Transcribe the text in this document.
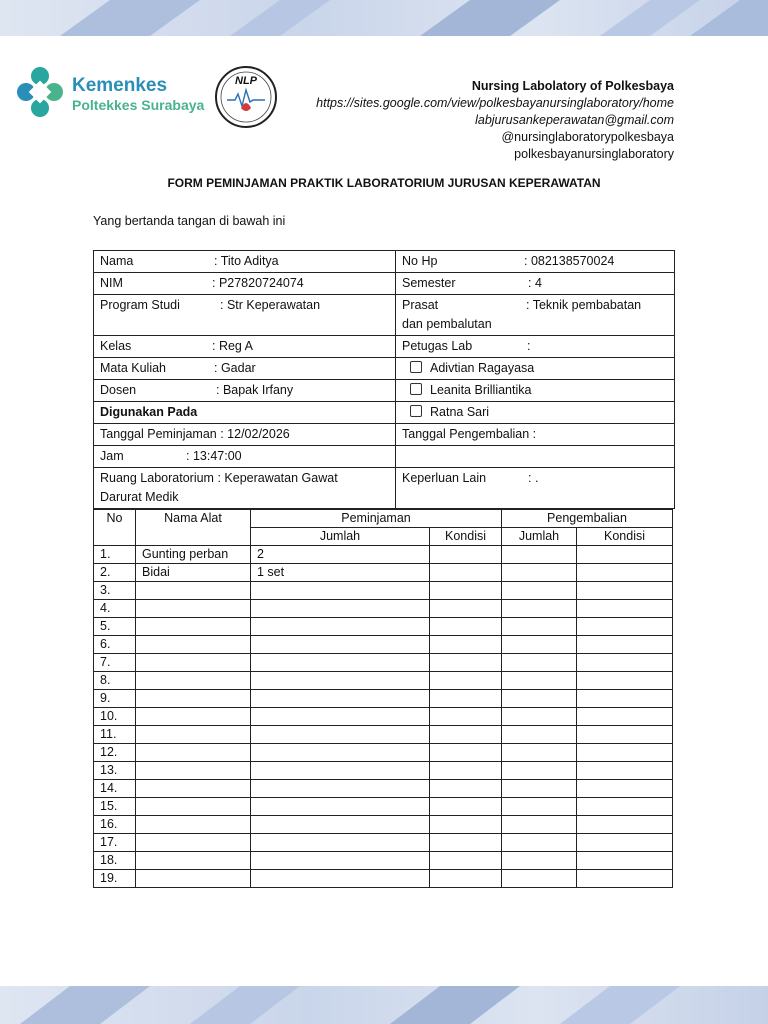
Kemenkes
Poltekkes Surabaya
NLP	Nursing Labolatory of Polkesbaya
https://sites.google.com/view/polkesbayanursinglaboratory/home
labjurusankeperawatan@gmail.com
@nursinglaboratorypolkesbaya
polkesbayanursinglaboratory
FORM PEMINJAMAN PRAKTIK LABORATORIUM JURUSAN KEPERAWATAN
Yang bertanda tangan di bawah ini
Nama : Tito Aditya	No Hp : 082138570024
NIM : P27820724074	Semester : 4
Program Studi : Str Keperawatan	Prasat : Teknik pembabatan
dan pembalutan
Kelas : Reg A	Petugas Lab :
Mata Kuliah : Gadar	Adivtian Ragayasa
Dosen : Bapak Irfany	Leanita Brilliantika
Digunakan Pada	Ratna Sari
Tanggal Peminjaman : 12/02/2026	Tanggal Pengembalian :
Jam : 13:47:00	
Ruang Laboratorium : Keperawatan Gawat
Darurat Medik	Keperluan Lain : .
No	Nama Alat	Peminjaman		Pengembalian	
		Jumlah	Kondisi	Jumlah	Kondisi
1.	Gunting perban	2			
2.	Bidai	1 set			
3.					
4.					
5.					
6.					
7.					
8.					
9.					
10.					
11.					
12.					
13.					
14.					
15.					
16.					
17.					
18.					
19.					
